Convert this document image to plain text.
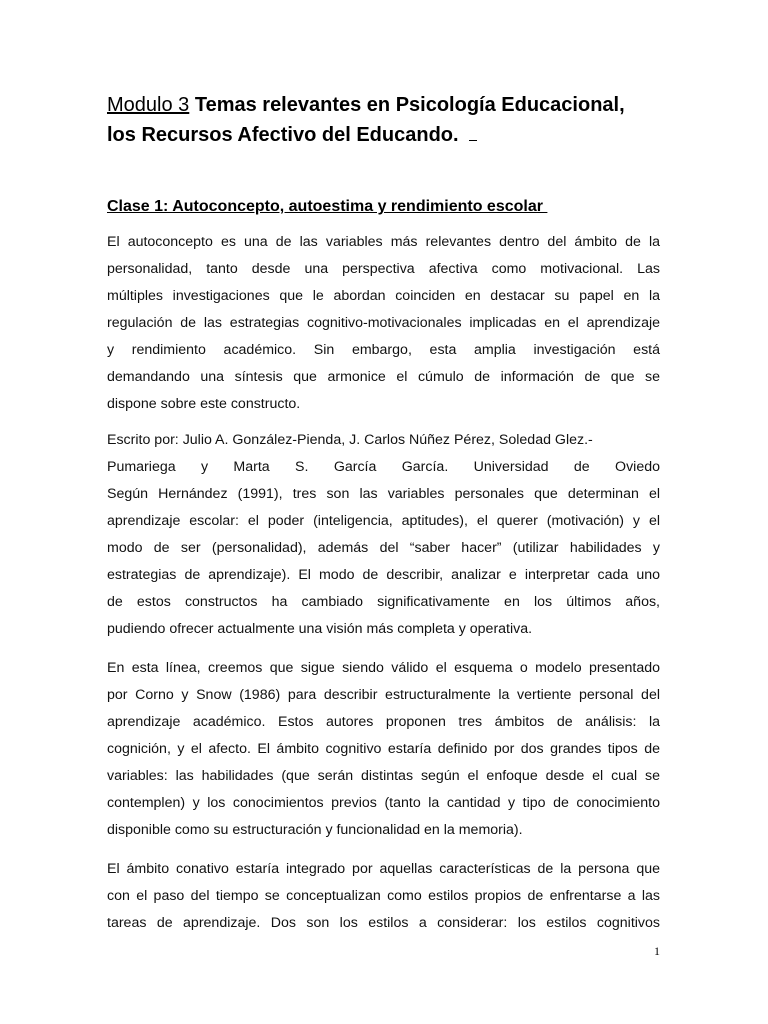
Modulo 3 Temas relevantes en Psicología Educacional,
los Recursos Afectivo del Educando.
Clase 1: Autoconcepto, autoestima y rendimiento escolar
El autoconcepto es una de las variables más relevantes dentro del ámbito de la
personalidad, tanto desde una perspectiva afectiva como motivacional. Las
múltiples investigaciones que le abordan coinciden en destacar su papel en la
regulación de las estrategias cognitivo-motivacionales implicadas en el aprendizaje
y rendimiento académico. Sin embargo, esta amplia investigación está
demandando una síntesis que armonice el cúmulo de información de que se
dispone sobre este constructo.
Escrito por: Julio A. González-Pienda, J. Carlos Núñez Pérez, Soledad Glez.-
Pumariega y Marta S. García García. Universidad de Oviedo
Según Hernández (1991), tres son las variables personales que determinan el
aprendizaje escolar: el poder (inteligencia, aptitudes), el querer (motivación) y el
modo de ser (personalidad), además del “saber hacer” (utilizar habilidades y
estrategias de aprendizaje). El modo de describir, analizar e interpretar cada uno
de estos constructos ha cambiado significativamente en los últimos años,
pudiendo ofrecer actualmente una visión más completa y operativa.
En esta línea, creemos que sigue siendo válido el esquema o modelo presentado
por Corno y Snow (1986) para describir estructuralmente la vertiente personal del
aprendizaje académico. Estos autores proponen tres ámbitos de análisis: la
cognición, y el afecto. El ámbito cognitivo estaría definido por dos grandes tipos de
variables: las habilidades (que serán distintas según el enfoque desde el cual se
contemplen) y los conocimientos previos (tanto la cantidad y tipo de conocimiento
disponible como su estructuración y funcionalidad en la memoria).
El ámbito conativo estaría integrado por aquellas características de la persona que
con el paso del tiempo se conceptualizan como estilos propios de enfrentarse a las
tareas de aprendizaje. Dos son los estilos a considerar: los estilos cognitivos

1
